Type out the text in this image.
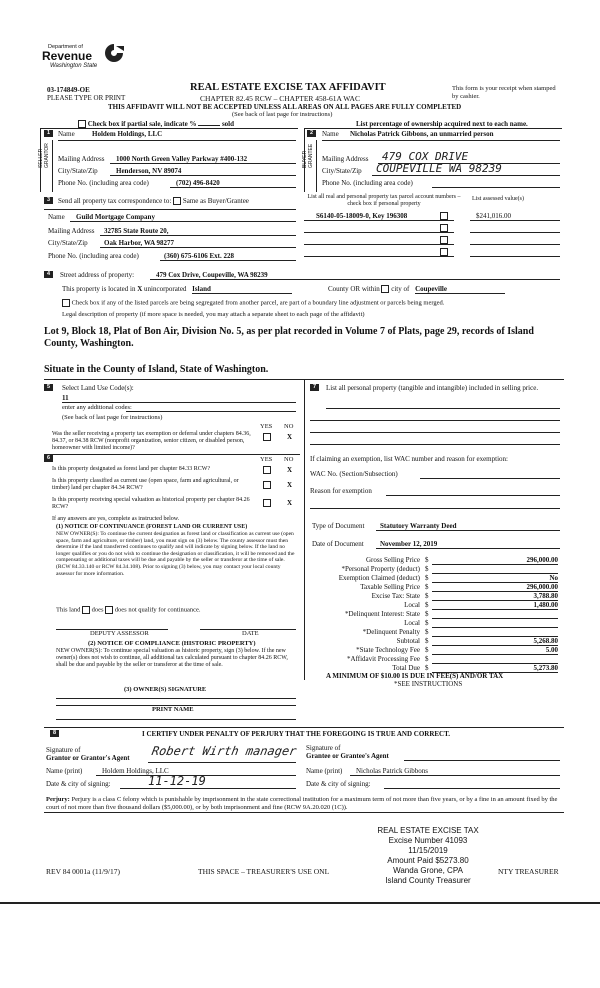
Department of
Revenue
Washington State
03-174849-OE
PLEASE TYPE OR PRINT
REAL ESTATE EXCISE TAX AFFIDAVIT
CHAPTER 82.45 RCW – CHAPTER 458-61A WAC
This form is your receipt when stamped by cashier.
THIS AFFIDAVIT WILL NOT BE ACCEPTED UNLESS ALL AREAS ON ALL PAGES ARE FULLY COMPLETED
(See back of last page for instructions)
Check box if partial sale, indicate %	sold	List percentage of ownership acquired next to each name.
1	Name Holdem Holdings, LLC
SELLER GRANTOR Mailing Address 1000 North Green Valley Parkway #400-132
City/State/Zip	Henderson, NV 89074
Phone No. (including area code)	(702) 496-8420
2	Name Nicholas Patrick Gibbons, an unmarried person
BUYER GRANTEE Mailing Address 479 COX DRIVE
City/State/Zip COUPEVILLE WA 98239
Phone No. (including area code)
3	Send all property tax correspondence to: Same as Buyer/Grantee
Name Guild Mortgage Company
Mailing Address 32785 State Route 20,
City/State/Zip Oak Harbor, WA 98277
Phone No. (including area code)	(360) 675-6106 Ext. 228
List all real and personal property tax parcel account numbers – check box if personal property
List assessed value(s)
S6140-05-18009-0, Key 196308	$241,016.00
4	Street address of property:	479 Cox Drive, Coupeville, WA 98239
This property is located in X unincorporated Island	County OR within city of Coupeville
Check box if any of the listed parcels are being segregated from another parcel, are part of a boundary line adjustment or parcels being merged.
Legal description of property (if more space is needed, you may attach a separate sheet to each page of the affidavit)
Lot 9, Block 18, Plat of Bon Air, Division No. 5, as per plat recorded in Volume 7 of Plats, page 29, records of Island County, Washington.
Situate in the County of Island, State of Washington.
5	Select Land Use Code(s):
11
enter any additional codes:
(See back of last page for instructions)
YES NO
Was the seller receiving a property tax exemption or deferral under chapters 84.36, 84.37, or 84.38 RCW (nonprofit organization, senior citizen, or disabled person, homeowner with limited income)?
X
6	YES NO
Is this property designated as forest land per chapter 84.33 RCW?	X
Is this property classified as current use (open space, farm and agricultural, or timber) land per chapter 84.34 RCW?	X
Is this property receiving special valuation as historical property per chapter 84.26 RCW?	X
If any answers are yes, complete as instructed below.
(1) NOTICE OF CONTINUANCE (FOREST LAND OR CURRENT USE)
NEW OWNER(S): To continue the current designation as forest land or classification as current use (open space, farm and agriculture, or timber) land, you must sign on (3) below. The county assessor must then determine if the land transferred continues to qualify and will indicate by signing below. If the land no longer qualifies or you do not wish to continue the designation or classification, it will be removed and the compensating or additional taxes will be due and payable by the seller or transferor at the time of sale. (RCW 84.33.140 or RCW 84.34.108). Prior to signing (3) below, you may contact your local county assessor for more information.
This land does does not qualify for continuance.
DEPUTY ASSESSOR	DATE
(2) NOTICE OF COMPLIANCE (HISTORIC PROPERTY)
NEW OWNER(S): To continue special valuation as historic property, sign (3) below. If the new owner(s) does not wish to continue, all additional tax calculated pursuant to chapter 84.26 RCW, shall be due and payable by the seller or transferor at the time of sale.
(3) OWNER(S) SIGNATURE
PRINT NAME
7	List all personal property (tangible and intangible) included in selling price.
If claiming an exemption, list WAC number and reason for exemption:
WAC No. (Section/Subsection)
Reason for exemption
Type of Document Statutory Warranty Deed
Date of Document November 12, 2019
Gross Selling Price $	296,000.00
*Personal Property (deduct) $
Exemption Claimed (deduct) $	No
Taxable Selling Price $	296,000.00
Excise Tax: State $	3,788.80
Local $	1,480.00
*Delinquent Interest: State $
Local $
*Delinquent Penalty $
Subtotal $	5,268.80
*State Technology Fee $	5.00
*Affidavit Processing Fee $
Total Due $	5,273.80
A MINIMUM OF $10.00 IS DUE IN FEE(S) AND/OR TAX
*SEE INSTRUCTIONS
8	I CERTIFY UNDER PENALTY OF PERJURY THAT THE FOREGOING IS TRUE AND CORRECT.
Signature of
Grantor or Grantor's Agent Robert Wirth manager
Name (print)	Holdem Holdings, LLC
Date & city of signing:	11-12-19
Signature of
Grantee or Grantee's Agent
Name (print) Nicholas Patrick Gibbons
Date & city of signing:
Perjury: Perjury is a class C felony which is punishable by imprisonment in the state correctional institution for a maximum term of not more than five years, or by a fine in an amount fixed by the court of not more than five thousand dollars ($5,000.00), or by both imprisonment and fine (RCW 9A.20.020 (1C)).
REAL ESTATE EXCISE TAX
Excise Number 41093
11/15/2019
Amount Paid $5273.80
Wanda Grone, CPA
Island County Treasurer
REV 84 0001a (11/9/17)	THIS SPACE – TREASURER'S USE ONL	NTY TREASURER
